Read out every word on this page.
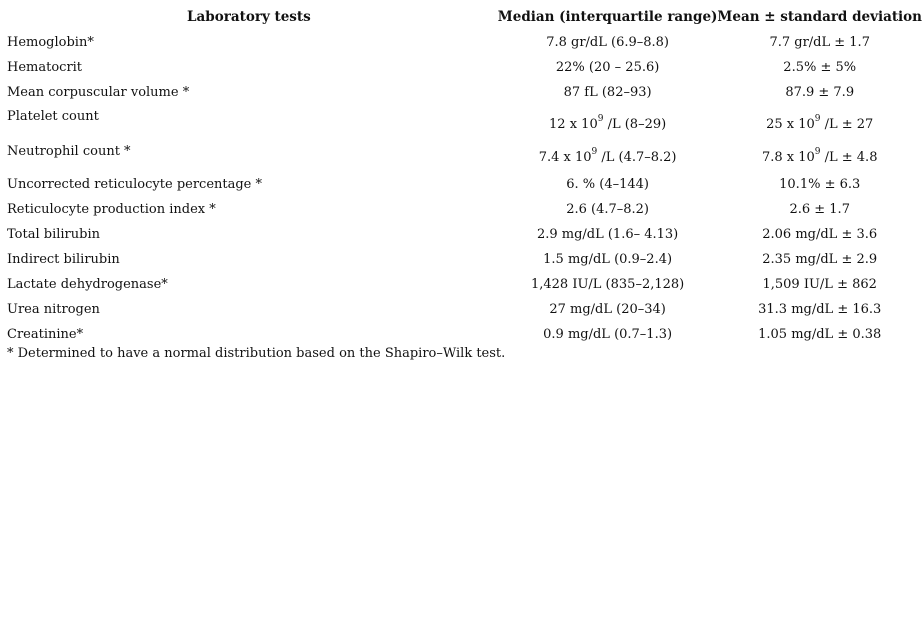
Laboratory tests	Median (interquartile range)	Mean ± standard deviation
Hemoglobin*	7.8 gr/dL (6.9–8.8)	7.7 gr/dL ± 1.7
Hematocrit	22% (20 – 25.6)	2.5% ± 5%
Mean corpuscular volume *	87 fL (82–93)	87.9 ± 7.9
Platelet count	12 x $10^9$ /L (8–29)	25 x $10^9$ /L ± 27
Neutrophil count *	7.4 x $10^9$ /L (4.7–8.2)	7.8 x $10^9$ /L ± 4.8
Uncorrected reticulocyte percentage *	6. % (4–144)	10.1% ± 6.3
Reticulocyte production index *	2.6 (4.7–8.2)	2.6 ± 1.7
Total bilirubin	2.9 mg/dL (1.6– 4.13)	2.06 mg/dL ± 3.6
Indirect bilirubin	1.5 mg/dL (0.9–2.4)	2.35 mg/dL ± 2.9
Lactate dehydrogenase*	1,428 IU/L (835–2,128)	1,509 IU/L ± 862
Urea nitrogen	27 mg/dL (20–34)	31.3 mg/dL ± 16.3
Creatinine*	0.9 mg/dL (0.7–1.3)	1.05 mg/dL ± 0.38
* Determined to have a normal distribution based on the Shapiro–Wilk test.
